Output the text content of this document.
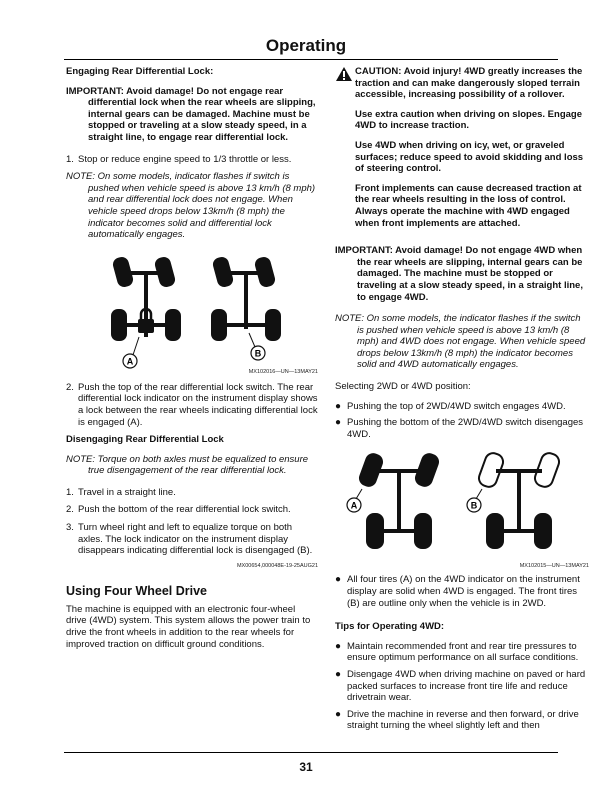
Operating

Engaging Rear Differential Lock:

IMPORTANT: Avoid damage! Do not engage rear differential lock when the rear wheels are slipping, internal gears can be damaged. Machine must be stopped or traveling at a slow steady speed, in a straight line, to engage rear differential lock.

1. Stop or reduce engine speed to 1/3 throttle or less.

NOTE: On some models, indicator flashes if switch is pushed when vehicle speed is above 13 km/h (8 mph) and rear differential lock does not engage. When vehicle speed drops below 13km/h (8 mph) the indicator becomes solid and differential lock automatically engages.

A
B

MX102016—UN—13MAY21

2. Push the top of the rear differential lock switch. The rear differential lock indicator on the instrument display shows a lock between the rear wheels indicating differential lock is engaged (A).

Disengaging Rear Differential Lock

NOTE: Torque on both axles must be equalized to ensure true disengagement of the rear differential lock.

1. Travel in a straight line.
2. Push the bottom of the rear differential lock switch.
3. Turn wheel right and left to equalize torque on both axles. The lock indicator on the instrument display disappears indicating differential lock is disengaged (B).

MX00654,000048E-19-25AUG21

Using Four Wheel Drive

The machine is equipped with an electronic four-wheel drive (4WD) system. This system allows the power train to drive the front wheels in addition to the rear wheels for improved traction on difficult ground conditions.

CAUTION: Avoid injury! 4WD greatly increases the traction and can make dangerously sloped terrain accessible, increasing possibility of a rollover.

Use extra caution when driving on slopes. Engage 4WD to increase traction.

Use 4WD when driving on icy, wet, or graveled surfaces; reduce speed to avoid skidding and loss of steering control.

Front implements can cause decreased traction at the rear wheels resulting in the loss of control. Always operate the machine with 4WD engaged when front implements are attached.

IMPORTANT: Avoid damage! Do not engage 4WD when the rear wheels are slipping, internal gears can be damaged. The machine must be stopped or traveling at a slow steady speed, in a straight line, to engage 4WD.

NOTE: On some models, the indicator flashes if the switch is pushed when vehicle speed is above 13 km/h (8 mph) and 4WD does not engage. When vehicle speed drops below 13km/h (8 mph) the indicator becomes solid and 4WD automatically engages.

Selecting 2WD or 4WD position:

● Pushing the top of 2WD/4WD switch engages 4WD.
● Pushing the bottom of the 2WD/4WD switch disengages 4WD.
A	B

MX102015—UN—13MAY21

● All four tires (A) on the 4WD indicator on the instrument display are solid when 4WD is engaged. The front tires (B) are outline only when the vehicle is in 2WD.

Tips for Operating 4WD:

● Maintain recommended front and rear tire pressures to ensure optimum performance on all surface conditions.
● Disengage 4WD when driving machine on paved or hard packed surfaces to increase front tire life and reduce drivetrain wear.
● Drive the machine in reverse and then forward, or drive straight turning the wheel slightly left and then
31
